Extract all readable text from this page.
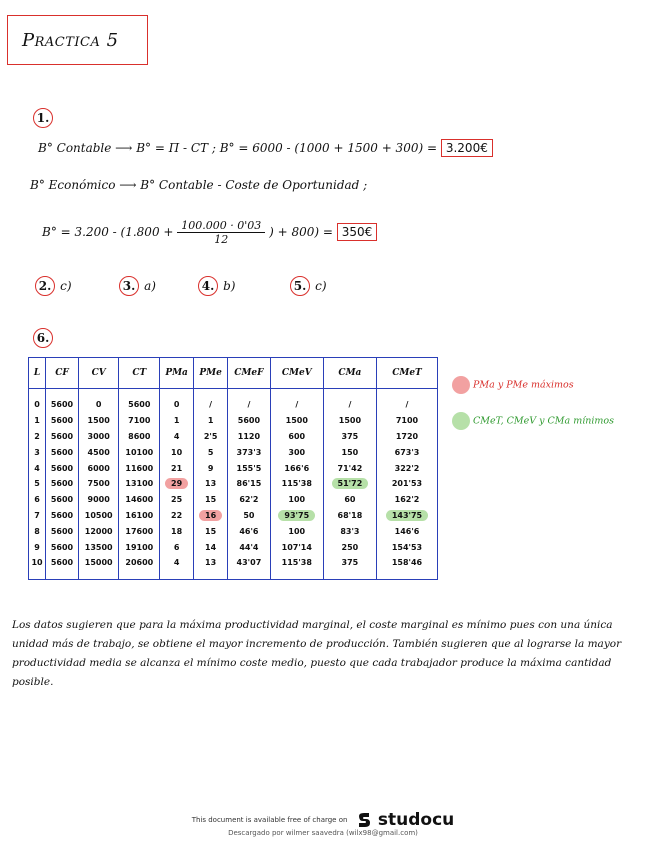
Practica 5
1.
B° Contable ⟶ B° = Π - CT ; B° = 6000 - (1000 + 1500 + 300) = 3.200€
B° Económico ⟶ B° Contable - Coste de Oportunidad ;
$B^\circ = 3.200 - (1.800 + \frac{100.000 \cdot 0'03}{12}$ ) + 800) = 350€
2. c)	3. a)	4. b)	5. c)
6.
L	CF	CV	CT	PMa	PMe	CMeF	CMeV	CMa	CMeT
0	5600	0	5600	0	/	/	/	/	/
1	5600	1500	7100	1	1	5600	1500	1500	7100
2	5600	3000	8600	4	2'5	1120	600	375	1720
3	5600	4500	10100	10	5	373'3	300	150	673'3
4	5600	6000	11600	21	9	155'5	166'6	71'42	322'2
5	5600	7500	13100	29	13	86'15	115'38	51'72	201'53
6	5600	9000	14600	25	15	62'2	100	60	162'2
7	5600	10500	16100	22	16	50	93'75	68'18	143'75
8	5600	12000	17600	18	15	46'6	100	83'3	146'6
9	5600	13500	19100	6	14	44'4	107'14	250	154'53
10	5600	15000	20600	4	13	43'07	115'38	375	158'46
PMa y PMe máximos
CMeT, CMeV y CMa mínimos
Los datos sugieren que para la máxima productividad marginal, el coste marginal es mínimo pues con una única unidad más de trabajo, se obtiene el mayor incremento de producción. También sugieren que al lograrse la mayor productividad media se alcanza el mínimo coste medio, puesto que cada trabajador produce la máxima cantidad posible.
This document is available free of charge on studocu
Descargado por wilmer saavedra (wilx98@gmail.com)
